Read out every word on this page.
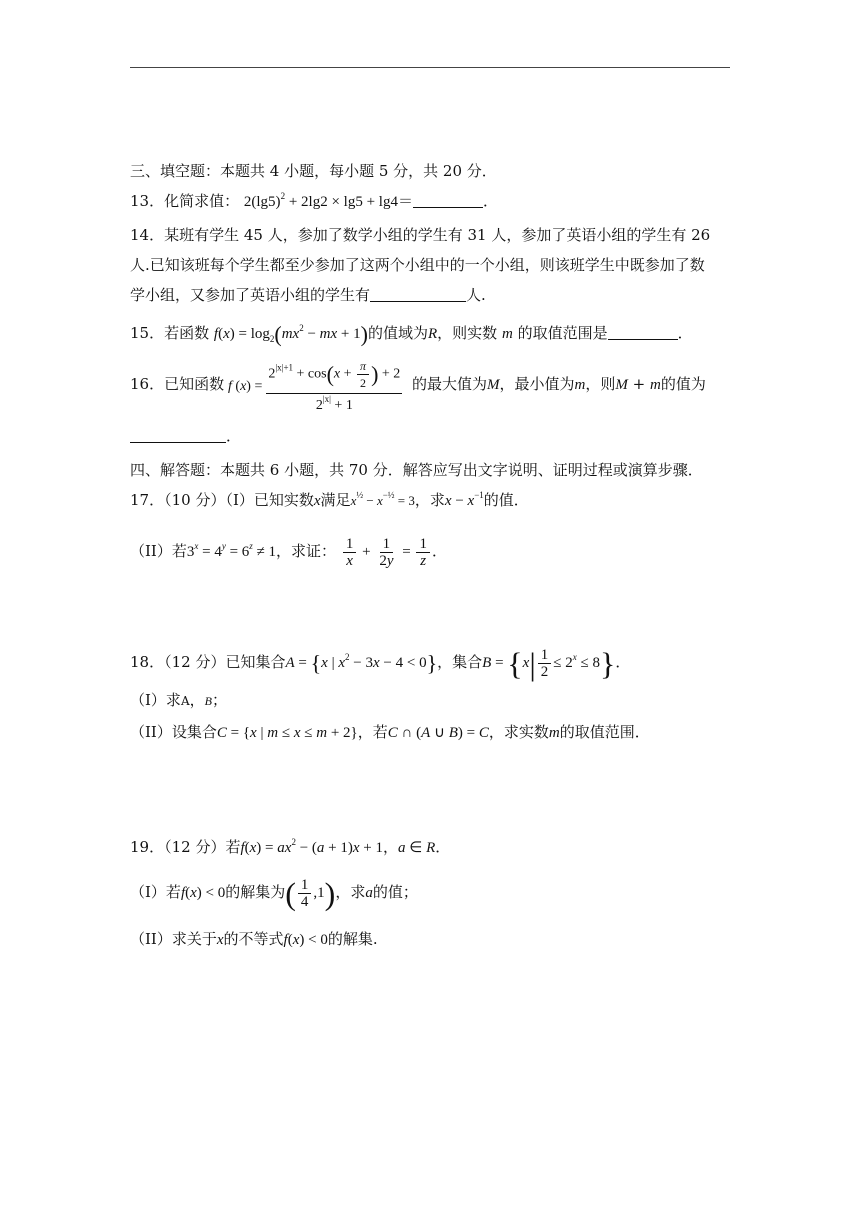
三、填空题：本题共 4 小题，每小题 5 分，共 20 分．
13．化简求值： $2(\lg 5)^2 + 2\lg 2 \times \lg 5 + \lg 4=$	．
14．某班有学生 45 人，参加了数学小组的学生有 31 人，参加了英语小组的学生有 26
人.已知该班每个学生都至少参加了这两个小组中的一个小组，则该班学生中既参加了数
学小组，又参加了英语小组的学生有	人.
15．若函数 $f(x) = \log_2(mx^2$ − mx + 1)的值域为R，则实数 m 的取值范围是	．
16．已知函数 f $(x) = \frac{2^{|x|+1} + \cos(x + \frac{\pi}{2} ) + 2}{2^{|x|} + 1}$ 的最大值为M，最小值为m，则M + m的值为
．
四、解答题：本题共 6 小题，共 70 分．解答应写出文字说明、证明过程或演算步骤．
17．（10 分）（I）已知实数x满足$x^{\frac{1}{2}} - x^{-\frac{1}{2}} = 3$，求$x - x^{-1}$的值．
（II）若$3^x = 4^y = 6^z \ne 1$，求证： $\frac{1}{x} + \frac{1}{2y} = \frac{1}{z}$ ．
18．（12 分）已知集合A = {x | $x^2 - 3x - 4 < 0$}，集合$B = \{x| \frac{1}{2} \le 2^x \le 8\}$．
（I）求A，B；
（II）设集合C = {x | m ≤ x ≤ m + 2}，若C ∩ (A ∪ B) = C，求实数m的取值范围．
19．（12 分）若$f(x) = ax^2 - (a + 1)x + 1$，a ∈ R．
（I）若f(x) < 0的解集为( $\frac{1}{4} ,1$)，求a的值；
（II）求关于x的不等式f(x) < 0的解集.
